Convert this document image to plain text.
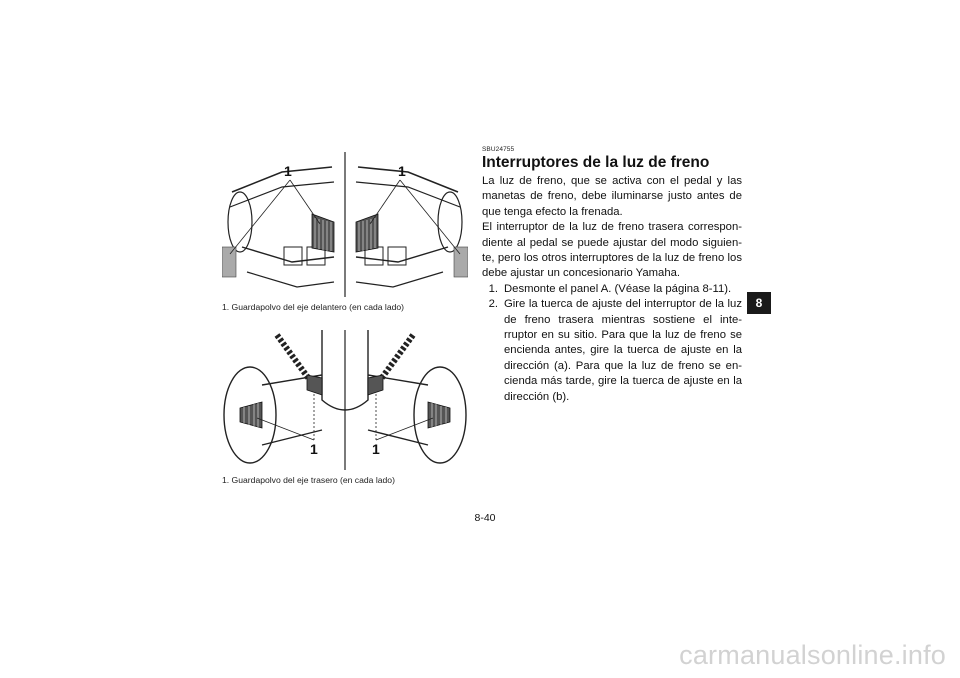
1	1
1. Guardapolvo del eje delantero (en cada lado)
1	1
1. Guardapolvo del eje trasero (en cada lado)
SBU24755
Interruptores de la luz de freno

La luz de freno, que se activa con el pedal y las manetas de freno, debe iluminarse justo antes de que tenga efecto la frenada.

El interruptor de la luz de freno trasera correspon-diente al pedal se puede ajustar del modo siguien-te, pero los otros interruptores de la luz de freno los debe ajustar un concesionario Yamaha.

1. Desmonte el panel A. (Véase la página 8-11).
2. Gire la tuerca de ajuste del interruptor de la luz de freno trasera mientras sostiene el inte-rruptor en su sitio. Para que la luz de freno se encienda antes, gire la tuerca de ajuste en la dirección (a). Para que la luz de freno se en-cienda más tarde, gire la tuerca de ajuste en la dirección (b).
8
8-40
carmanualsonline.info
